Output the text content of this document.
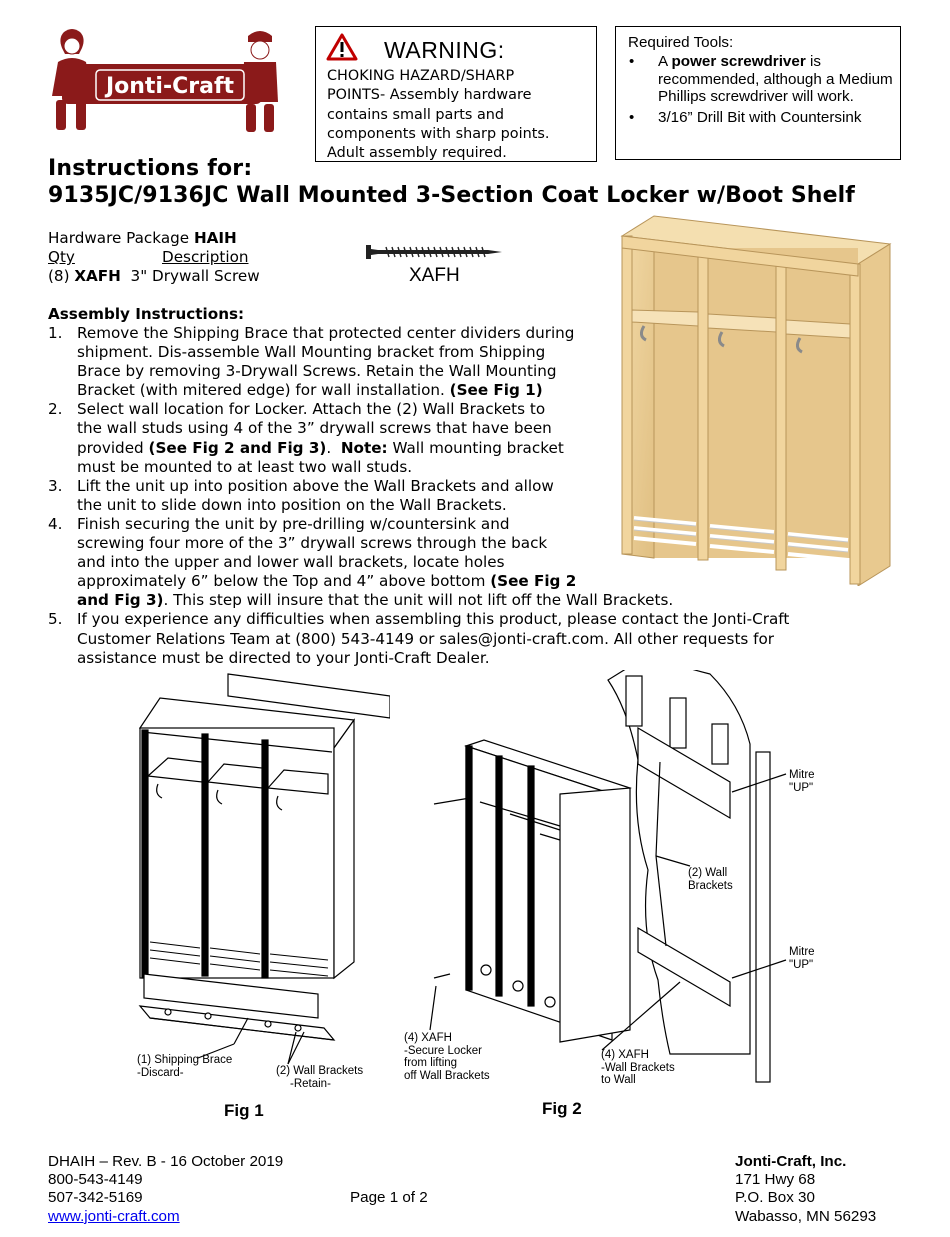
Jonti-Craft
®
WARNING:
CHOKING HAZARD/SHARP
POINTS- Assembly hardware
contains small parts and
components with sharp points.
Adult assembly required.
Required Tools:
• A power screwdriver is recommended, although a Medium Phillips screwdriver will work.
• 3/16” Drill Bit with Countersink
Instructions for:
9135JC/9136JC Wall Mounted 3-Section Coat Locker w/Boot Shelf
Hardware Package HAIH
Qty	Description
(8) XAFH  3" Drywall Screw	XAFH
Assembly Instructions:
1. Remove the Shipping Brace that protected center dividers during
shipment. Dis-assemble Wall Mounting bracket from Shipping
Brace by removing 3-Drywall Screws. Retain the Wall Mounting
Bracket (with mitered edge) for wall installation. (See Fig 1)
2. Select wall location for Locker. Attach the (2) Wall Brackets to
the wall studs using 4 of the 3” drywall screws that have been
provided (See Fig 2 and Fig 3).  Note: Wall mounting bracket
must be mounted to at least two wall studs.
3. Lift the unit up into position above the Wall Brackets and allow
the unit to slide down into position on the Wall Brackets.
4. Finish securing the unit by pre-drilling w/countersink and
screwing four more of the 3” drywall screws through the back
and into the upper and lower wall brackets, locate holes
approximately 6” below the Top and 4” above bottom (See Fig 2
and Fig 3). This step will insure that the unit will not lift off the Wall Brackets.
5. If you experience any difficulties when assembling this product, please contact the Jonti-Craft
Customer Relations Team at (800) 543-4149 or sales@jonti-craft.com. All other requests for
assistance must be directed to your Jonti-Craft Dealer.
(1) Shipping Brace
-Discard-	(2) Wall Brackets
-Retain-
Fig 1
Mitre
"UP"
Mitre
"UP"
(2) Wall
Brackets
(4) XAFH
-Secure Locker
from lifting
off Wall Brackets
(4) XAFH
-Wall Brackets
to Wall
Fig 2
DHAIH – Rev. B - 16 October 2019
800-543-4149
507-342-5169
www.jonti-craft.com
Page 1 of 2
Jonti-Craft, Inc.
171 Hwy 68
P.O. Box 30
Wabasso, MN 56293
